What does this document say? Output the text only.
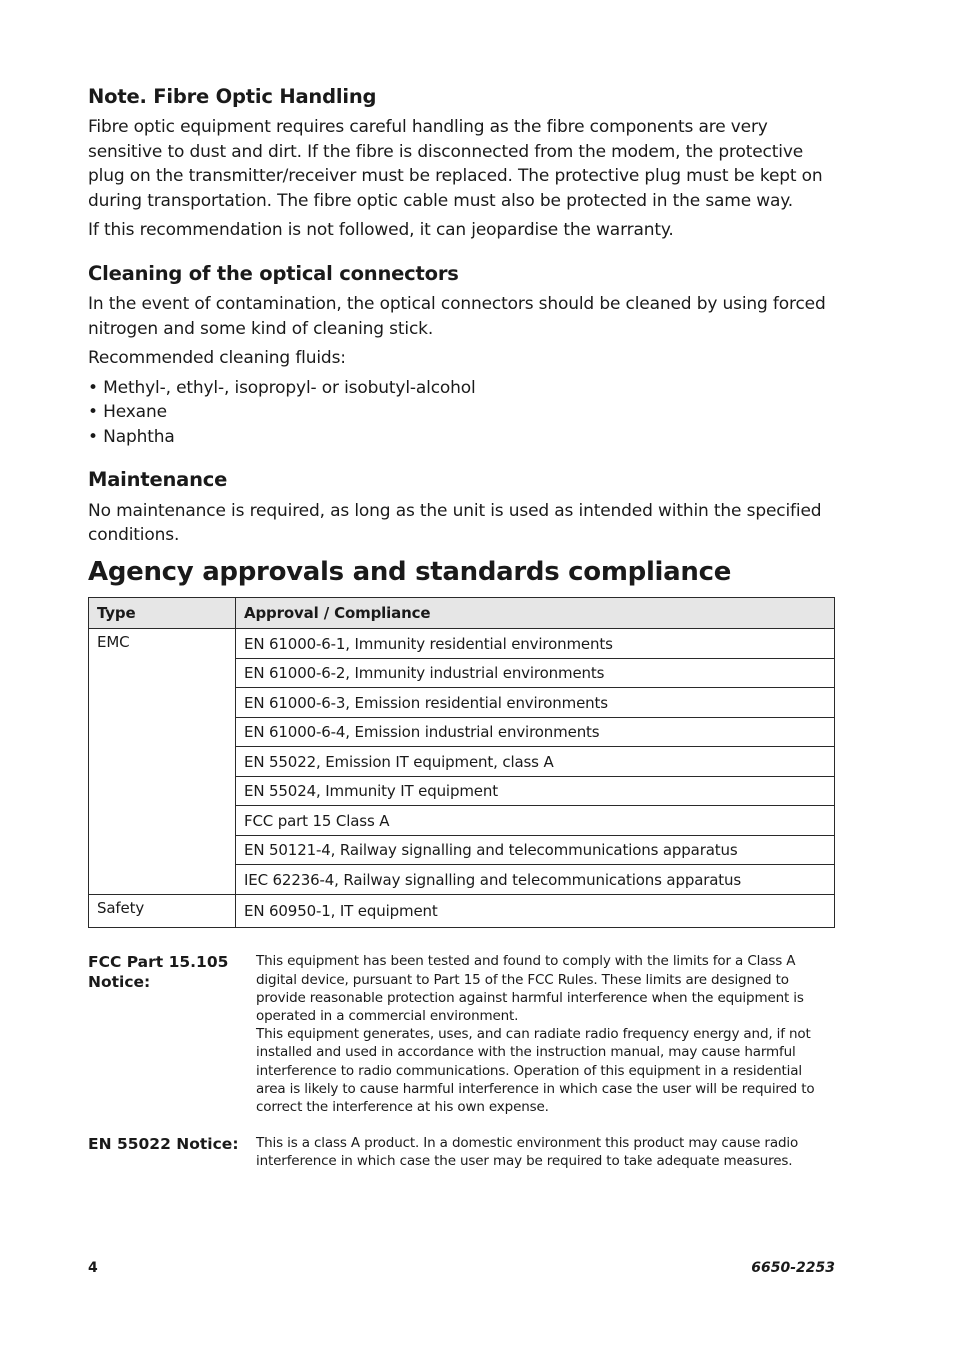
Note. Fibre Optic Handling

Fibre optic equipment requires careful handling as the fibre components are very sensitive to dust and dirt. If the fibre is disconnected from the modem, the protective plug on the transmitter/receiver must be replaced. The protective plug must be kept on during transportation. The fibre optic cable must also be protected in the same way.

If this recommendation is not followed, it can jeopardise the warranty.

Cleaning of the optical connectors

In the event of contamination, the optical connectors should be cleaned by using forced nitrogen and some kind of cleaning stick.

Recommended cleaning fluids:

• Methyl-, ethyl-, isopropyl- or isobutyl-alcohol
• Hexane
• Naphtha
Maintenance

No maintenance is required, as long as the unit is used as intended within the specified conditions.

Agency approvals and standards compliance
Type	Approval / Compliance
EMC	EN 61000-6-1, Immunity residential environments
	EN 61000-6-2, Immunity industrial environments
	EN 61000-6-3, Emission residential environments
	EN 61000-6-4, Emission industrial environments
	EN 55022, Emission IT equipment, class A
	EN 55024, Immunity IT equipment
	FCC part 15 Class A
	EN 50121-4, Railway signalling and telecommunications apparatus
	IEC 62236-4, Railway signalling and telecommunications apparatus
Safety	EN 60950-1, IT equipment
FCC Part 15.105
Notice:

This equipment has been tested and found to comply with the limits for a Class A digital device, pursuant to Part 15 of the FCC Rules. These limits are designed to provide reasonable protection against harmful interference when the equipment is operated in a commercial environment.

This equipment generates, uses, and can radiate radio frequency energy and, if not installed and used in accordance with the instruction manual, may cause harmful interference to radio communications. Operation of this equipment in a residential area is likely to cause harmful interference in which case the user will be required to correct the interference at his own expense.

EN 55022 Notice:	This is a class A product. In a domestic environment this product may cause radio interference in which case the user may be required to take adequate measures.

4	6650-2253
